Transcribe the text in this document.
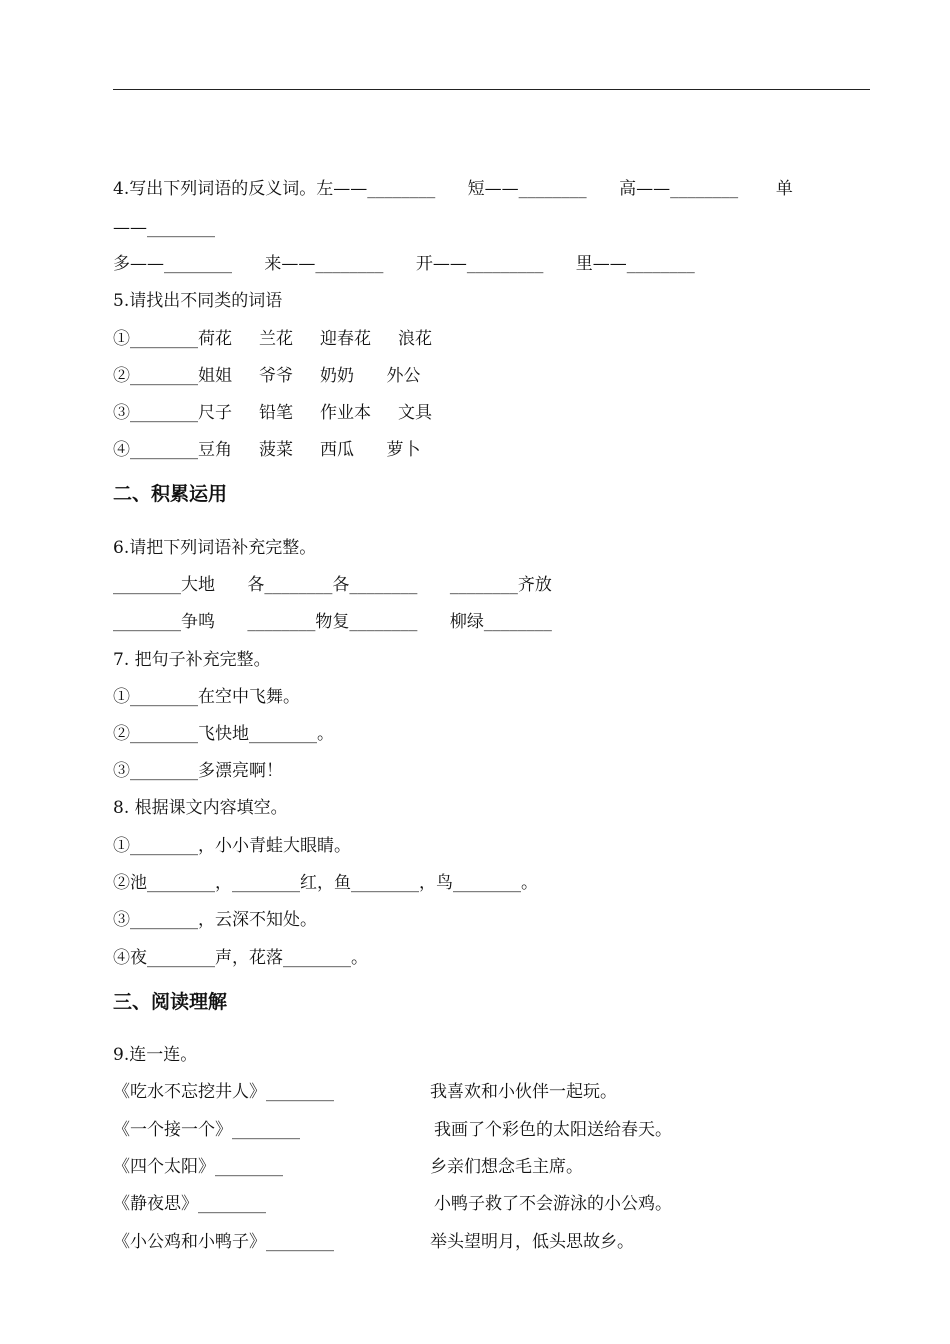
4.写出下列词语的反义词。左——________      短——________      高——________       单
——________
多——________      来——________      开——_________      里——________
5.请找出不同类的词语
①________荷花     兰花     迎春花     浪花
②________姐姐     爷爷     奶奶      外公
③________尺子     铅笔     作业本     文具
④________豆角     菠菜     西瓜      萝卜
二、积累运用
6.请把下列词语补充完整。
________大地      各________各________      ________齐放
________争鸣      ________物复________      柳绿________
7. 把句子补充完整。
①________在空中飞舞。
②________飞快地________。
③________多漂亮啊！
8. 根据课文内容填空。
①________，小小青蛙大眼睛。
②池________，________红，鱼________，鸟________。
③________，云深不知处。
④夜________声，花落________。
三、阅读理解
9.连一连。
《吃水不忘挖井人》________
《一个接一个》________
《四个太阳》________
《静夜思》________
《小公鸡和小鸭子》________
我喜欢和小伙伴一起玩。
我画了个彩色的太阳送给春天。
乡亲们想念毛主席。
小鸭子救了不会游泳的小公鸡。
举头望明月，低头思故乡。
